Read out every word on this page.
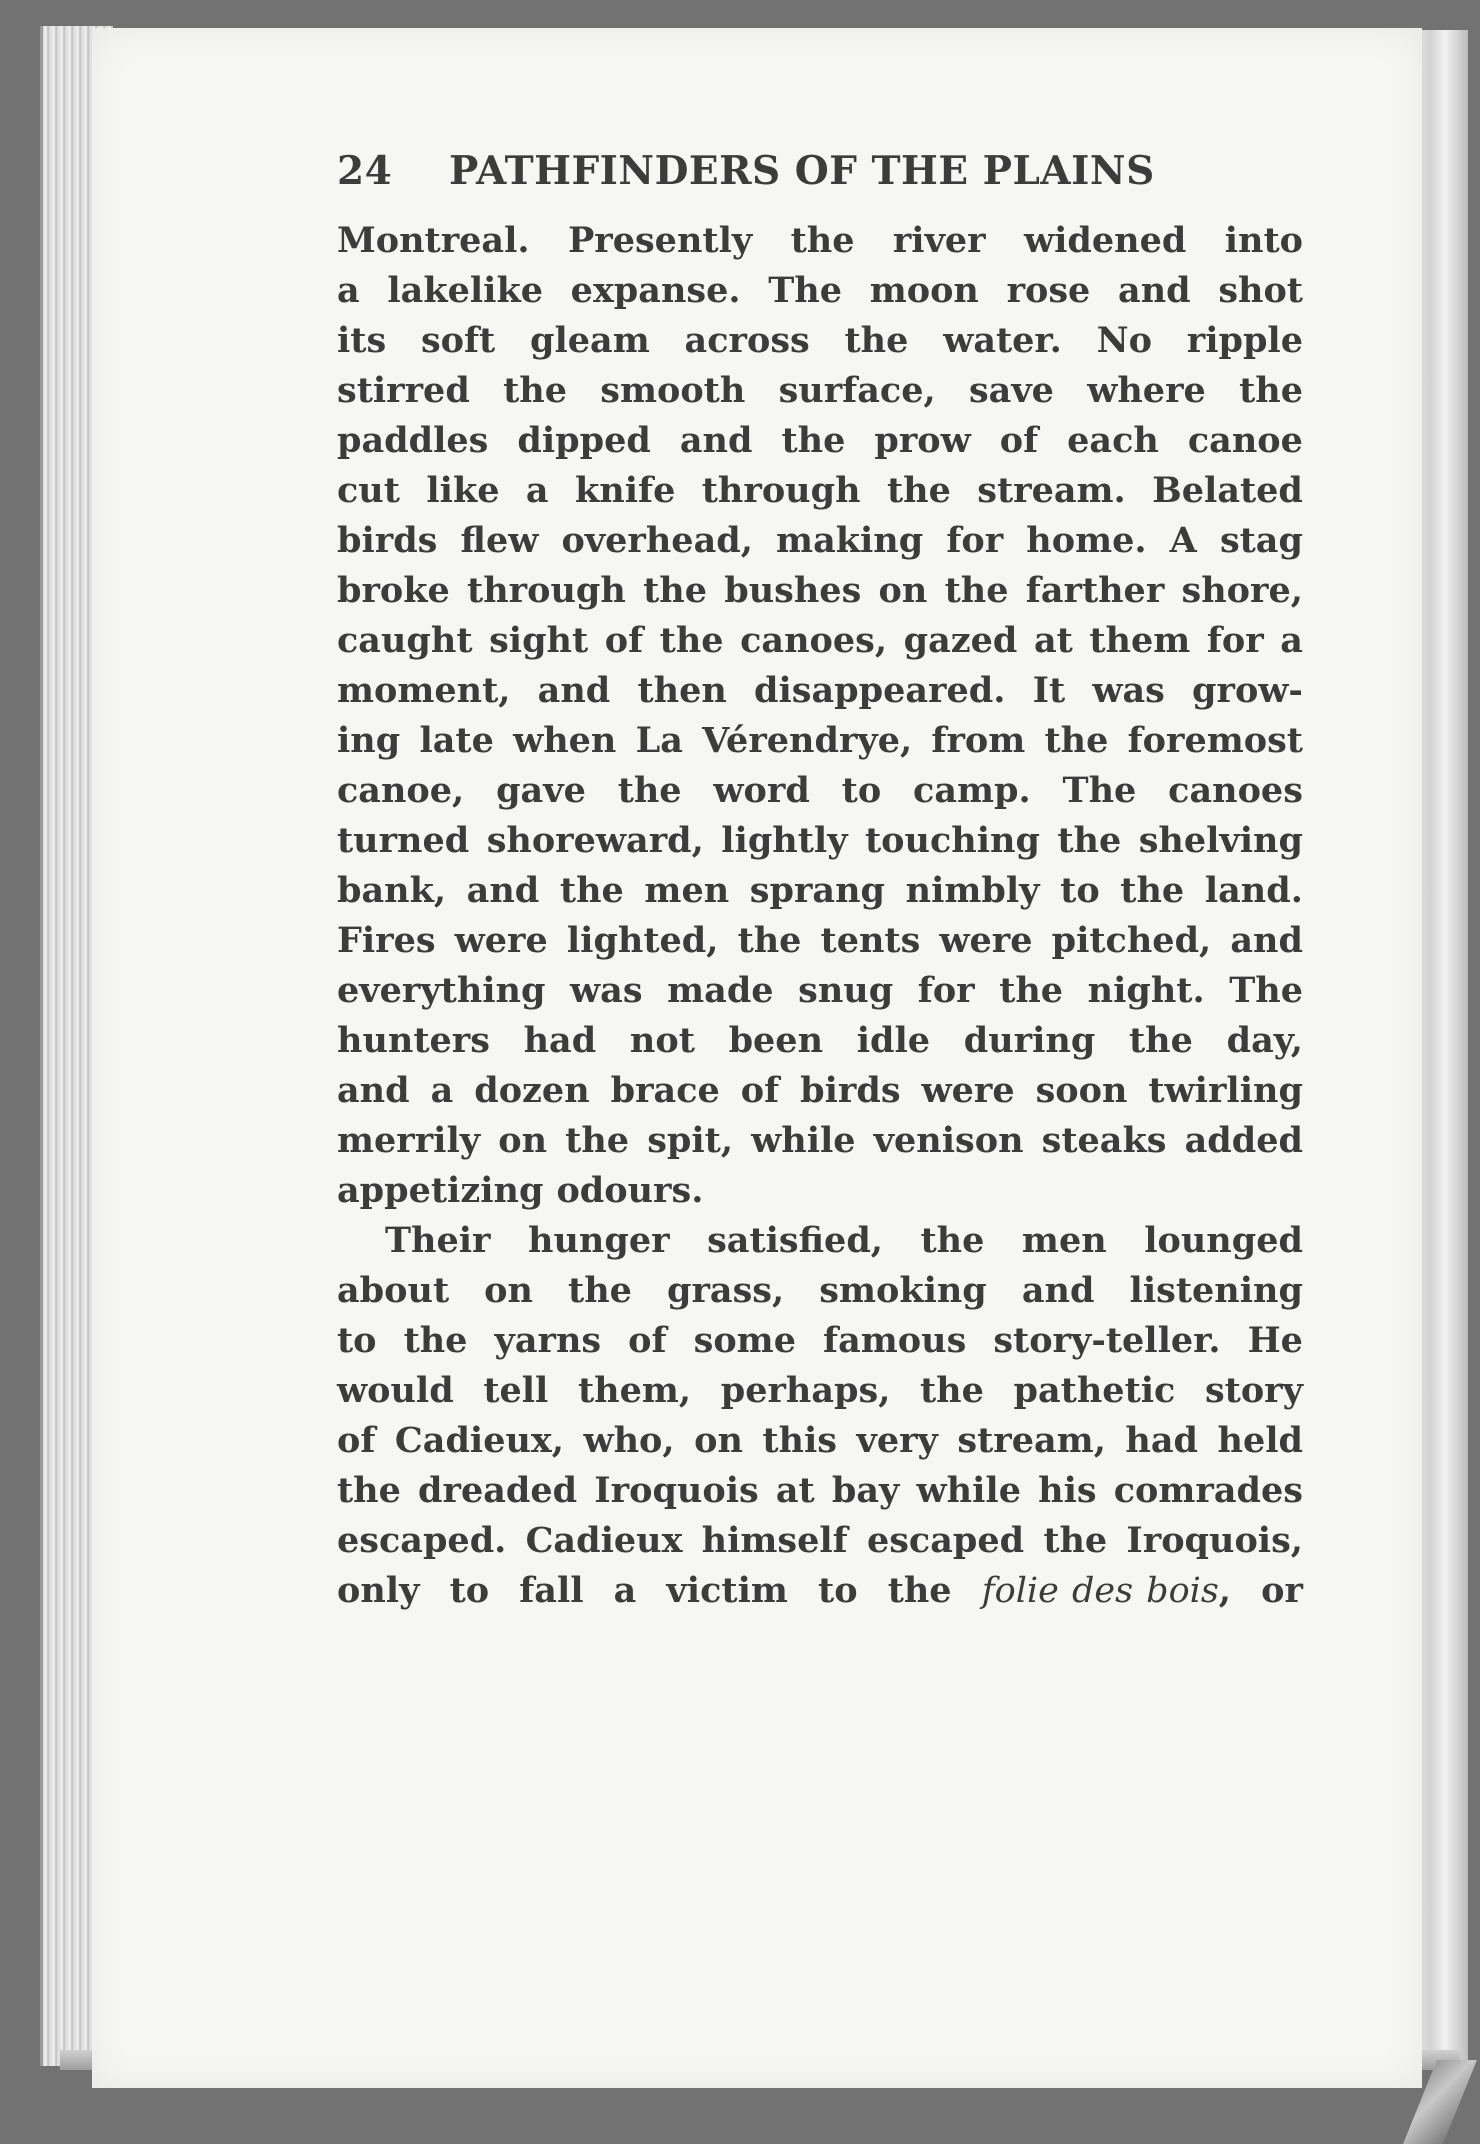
24	PATHFINDERS OF THE PLAINS
Montreal. Presently the river widened into
a lakelike expanse. The moon rose and shot
its soft gleam across the water. No ripple
stirred the smooth surface, save where the
paddles dipped and the prow of each canoe
cut like a knife through the stream. Belated
birds flew overhead, making for home. A stag
broke through the bushes on the farther shore,
caught sight of the canoes, gazed at them for a
moment, and then disappeared. It was grow-
ing late when La Vérendrye, from the foremost
canoe, gave the word to camp. The canoes
turned shoreward, lightly touching the shelving
bank, and the men sprang nimbly to the land.
Fires were lighted, the tents were pitched, and
everything was made snug for the night. The
hunters had not been idle during the day,
and a dozen brace of birds were soon twirling
merrily on the spit, while venison steaks added
appetizing odours.
Their hunger satisfied, the men lounged
about on the grass, smoking and listening
to the yarns of some famous story-teller. He
would tell them, perhaps, the pathetic story
of Cadieux, who, on this very stream, had held
the dreaded Iroquois at bay while his comrades
escaped. Cadieux himself escaped the Iroquois,
only to fall a victim to the folie des bois, or
